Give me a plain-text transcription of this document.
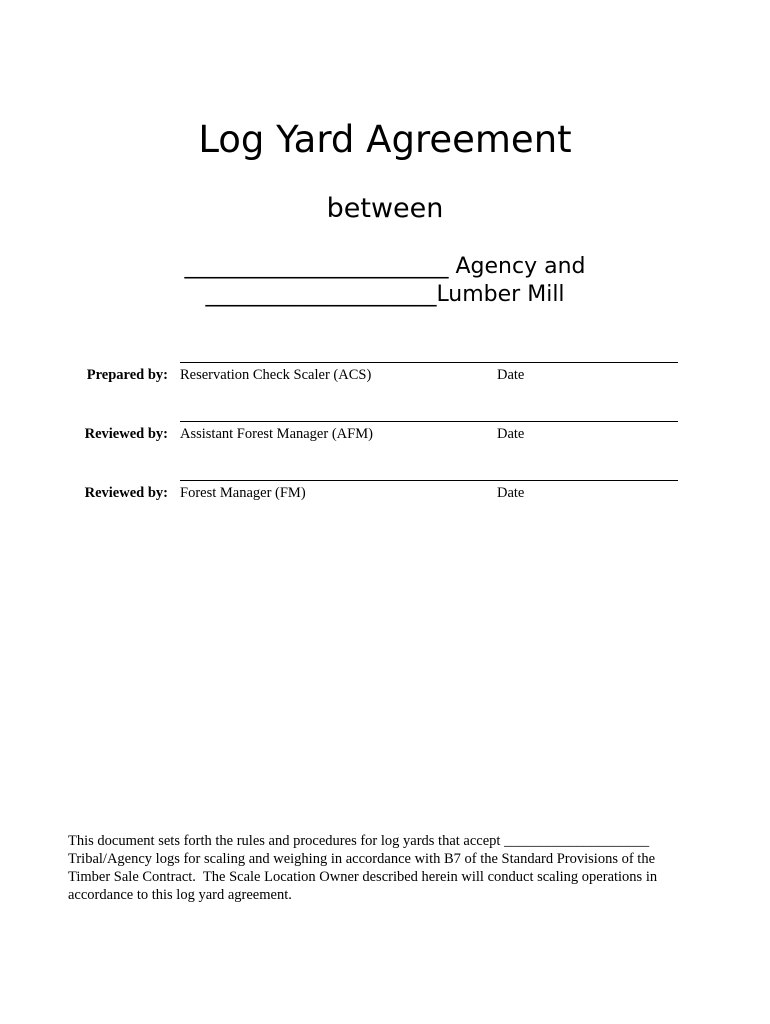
Log Yard Agreement
between
________________________ Agency and
_____________________Lumber Mill
Prepared by: Reservation Check Scaler (ACS)	Date
Reviewed by: Assistant Forest Manager (AFM)	Date
Reviewed by: Forest Manager (FM)	Date
This document sets forth the rules and procedures for log yards that accept ____________________
Tribal/Agency logs for scaling and weighing in accordance with B7 of the Standard Provisions of the
Timber Sale Contract.  The Scale Location Owner described herein will conduct scaling operations in
accordance to this log yard agreement.
